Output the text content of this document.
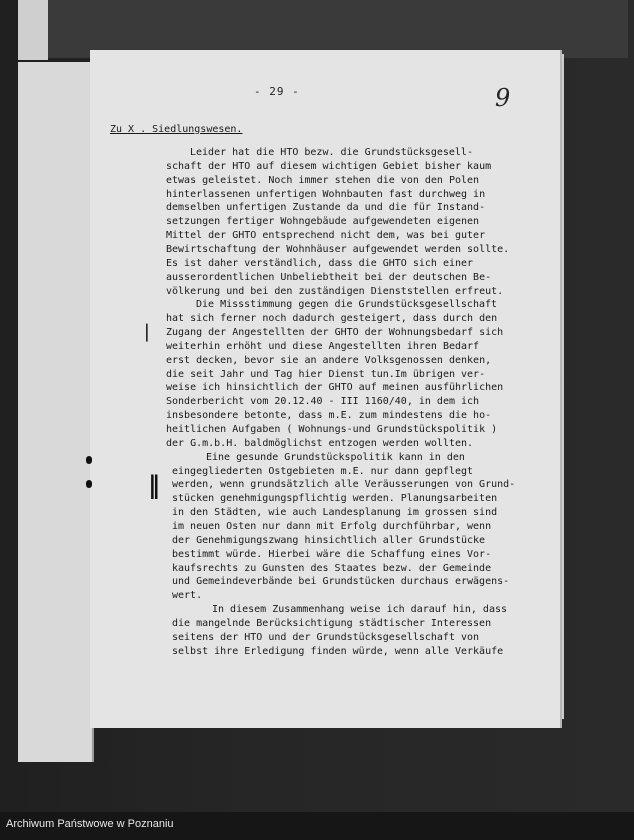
- 29 -	9
Zu X . Siedlungswesen.
Leider hat die HTO bezw. die Grundstücksgesell-
schaft der HTO auf diesem wichtigen Gebiet bisher kaum
etwas geleistet. Noch immer stehen die von den Polen
hinterlassenen unfertigen Wohnbauten fast durchweg in
demselben unfertigen Zustande da und die für Instand-
setzungen fertiger Wohngebäude aufgewendeten eigenen
Mittel der GHTO entsprechend nicht dem, was bei guter
Bewirtschaftung der Wohnhäuser aufgewendet werden sollte.
Es ist daher verständlich, dass die GHTO sich einer
ausserordentlichen Unbeliebtheit bei der deutschen Be-
völkerung und bei den zuständigen Dienststellen erfreut.
Die Missstimmung gegen die Grundstücksgesellschaft
hat sich ferner noch dadurch gesteigert, dass durch den
Zugang der Angestellten der GHTO der Wohnungsbedarf sich
weiterhin erhöht und diese Angestellten ihren Bedarf
erst decken, bevor sie an andere Volksgenossen denken,
die seit Jahr und Tag hier Dienst tun.Im übrigen ver-
weise ich hinsichtlich der GHTO auf meinen ausführlichen
Sonderbericht vom 20.12.40 - III 1160/40, in dem ich
insbesondere betonte, dass m.E. zum mindestens die ho-
heitlichen Aufgaben ( Wohnungs-und Grundstückspolitik )
der G.m.b.H. baldmöglichst entzogen werden wollten.
Eine gesunde Grundstückspolitik kann in den
eingegliederten Ostgebieten m.E. nur dann gepflegt
werden, wenn grundsätzlich alle Veräusserungen von Grund-
stücken genehmigungspflichtig werden. Planungsarbeiten
in den Städten, wie auch Landesplanung im grossen sind
im neuen Osten nur dann mit Erfolg durchführbar, wenn
der Genehmigungszwang hinsichtlich aller Grundstücke
bestimmt würde. Hierbei wäre die Schaffung eines Vor-
kaufsrechts zu Gunsten des Staates bezw. der Gemeinde
und Gemeindeverbände bei Grundstücken durchaus erwägens-
wert.
In diesem Zusammenhang weise ich darauf hin, dass
die mangelnde Berücksichtigung städtischer Interessen
seitens der HTO und der Grundstücksgesellschaft von
selbst ihre Erledigung finden würde, wenn alle Verkäufe
⎸
‖
Archiwum Państwowe w Poznaniu
